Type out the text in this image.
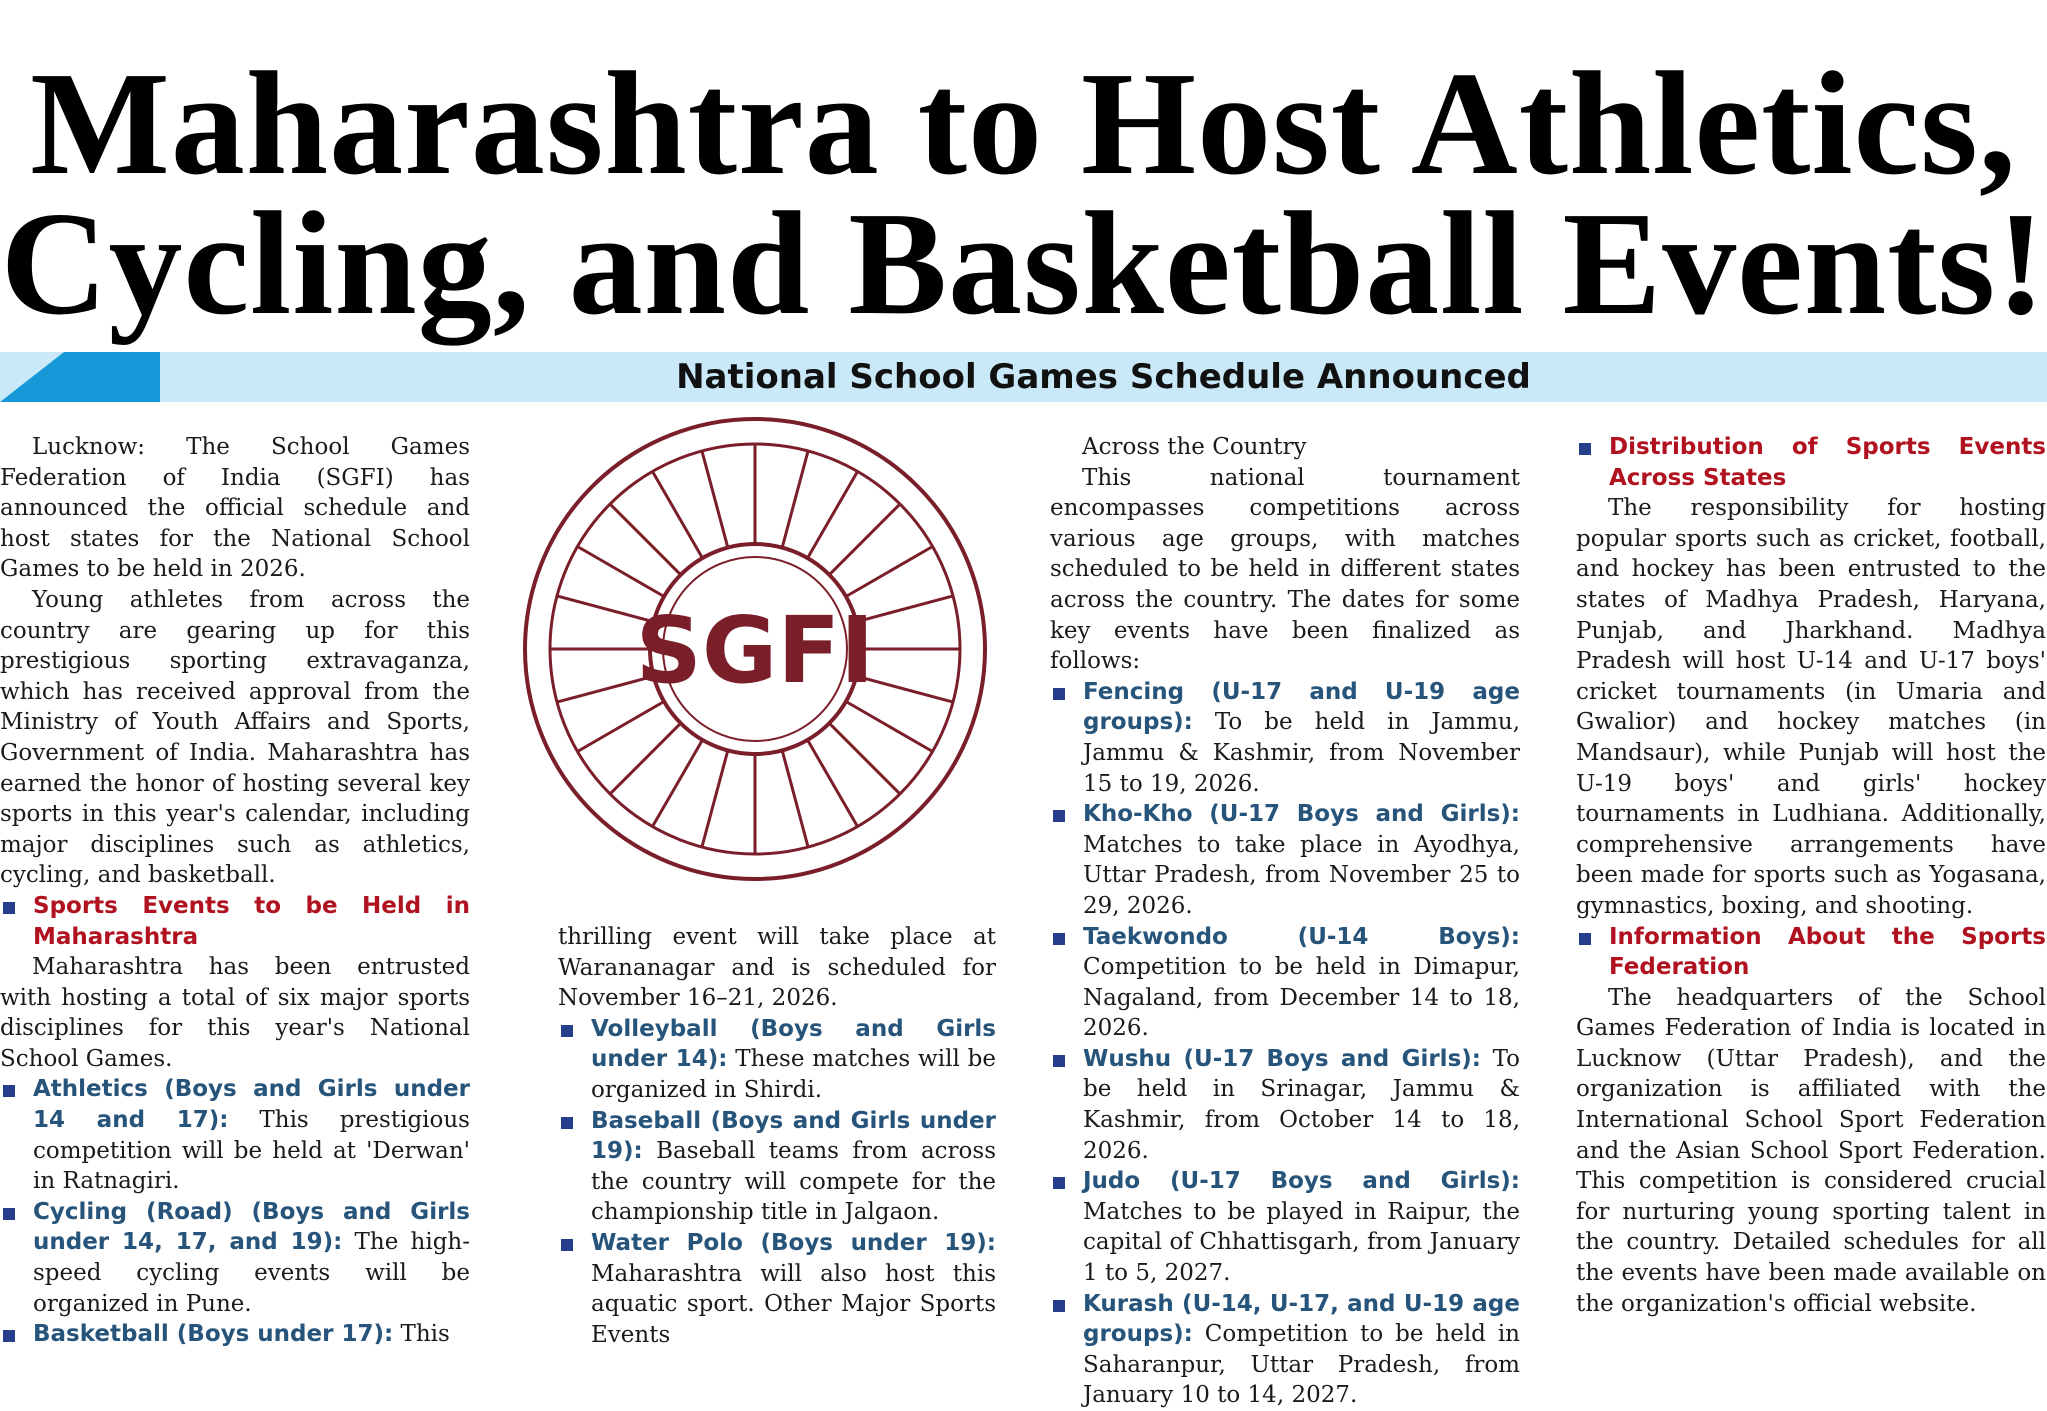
Maharashtra to Host Athletics,
Cycling, and Basketball Events!
National School Games Schedule Announced

Lucknow: The School Games Federation of India (SGFI) has announced the official schedule and host states for the National School Games to be held in 2026.

Young athletes from across the country are gearing up for this prestigious sporting extravaganza, which has received approval from the Ministry of Youth Affairs and Sports, Government of India. Maharashtra has earned the honor of hosting several key sports in this year's calendar, including major disciplines such as athletics, cycling, and basketball.

Sports Events to be Held in Maharashtra

Maharashtra has been entrusted with hosting a total of six major sports disciplines for this year's National School Games.

Athletics (Boys and Girls under 14 and 17): This prestigious competition will be held at 'Derwan' in Ratnagiri.
Cycling (Road) (Boys and Girls under 14, 17, and 19): The high-speed cycling events will be organized in Pune.
Basketball (Boys under 17): This
SGFI

thrilling event will take place at Warananagar and is scheduled for November 16–21, 2026.

Volleyball (Boys and Girls under 14): These matches will be organized in Shirdi.
Baseball (Boys and Girls under 19): Baseball teams from across the country will compete for the championship title in Jalgaon.
Water Polo (Boys under 19): Maharashtra will also host this aquatic sport. Other Major Sports Events

Across the Country

This national tournament encompasses competitions across various age groups, with matches scheduled to be held in different states across the country. The dates for some key events have been finalized as follows:

Fencing (U-17 and U-19 age groups): To be held in Jammu, Jammu & Kashmir, from November 15 to 19, 2026.
Kho-Kho (U-17 Boys and Girls): Matches to take place in Ayodhya, Uttar Pradesh, from November 25 to 29, 2026.
Taekwondo (U-14 Boys): Competition to be held in Dimapur, Nagaland, from December 14 to 18, 2026.
Wushu (U-17 Boys and Girls): To be held in Srinagar, Jammu & Kashmir, from October 14 to 18, 2026.
Judo (U-17 Boys and Girls): Matches to be played in Raipur, the capital of Chhattisgarh, from January 1 to 5, 2027.
Kurash (U-14, U-17, and U-19 age groups): Competition to be held in Saharanpur, Uttar Pradesh, from January 10 to 14, 2027.
Distribution of Sports Events Across States

The responsibility for hosting popular sports such as cricket, football, and hockey has been entrusted to the states of Madhya Pradesh, Haryana, Punjab, and Jharkhand. Madhya Pradesh will host U-14 and U-17 boys' cricket tournaments (in Umaria and Gwalior) and hockey matches (in Mandsaur), while Punjab will host the U-19 boys' and girls' hockey tournaments in Ludhiana. Additionally, comprehensive arrangements have been made for sports such as Yogasana, gymnastics, boxing, and shooting.

Information About the Sports Federation

The headquarters of the School Games Federation of India is located in Lucknow (Uttar Pradesh), and the organization is affiliated with the International School Sport Federation and the Asian School Sport Federation. This competition is considered crucial for nurturing young sporting talent in the country. Detailed schedules for all the events have been made available on the organization's official website.
